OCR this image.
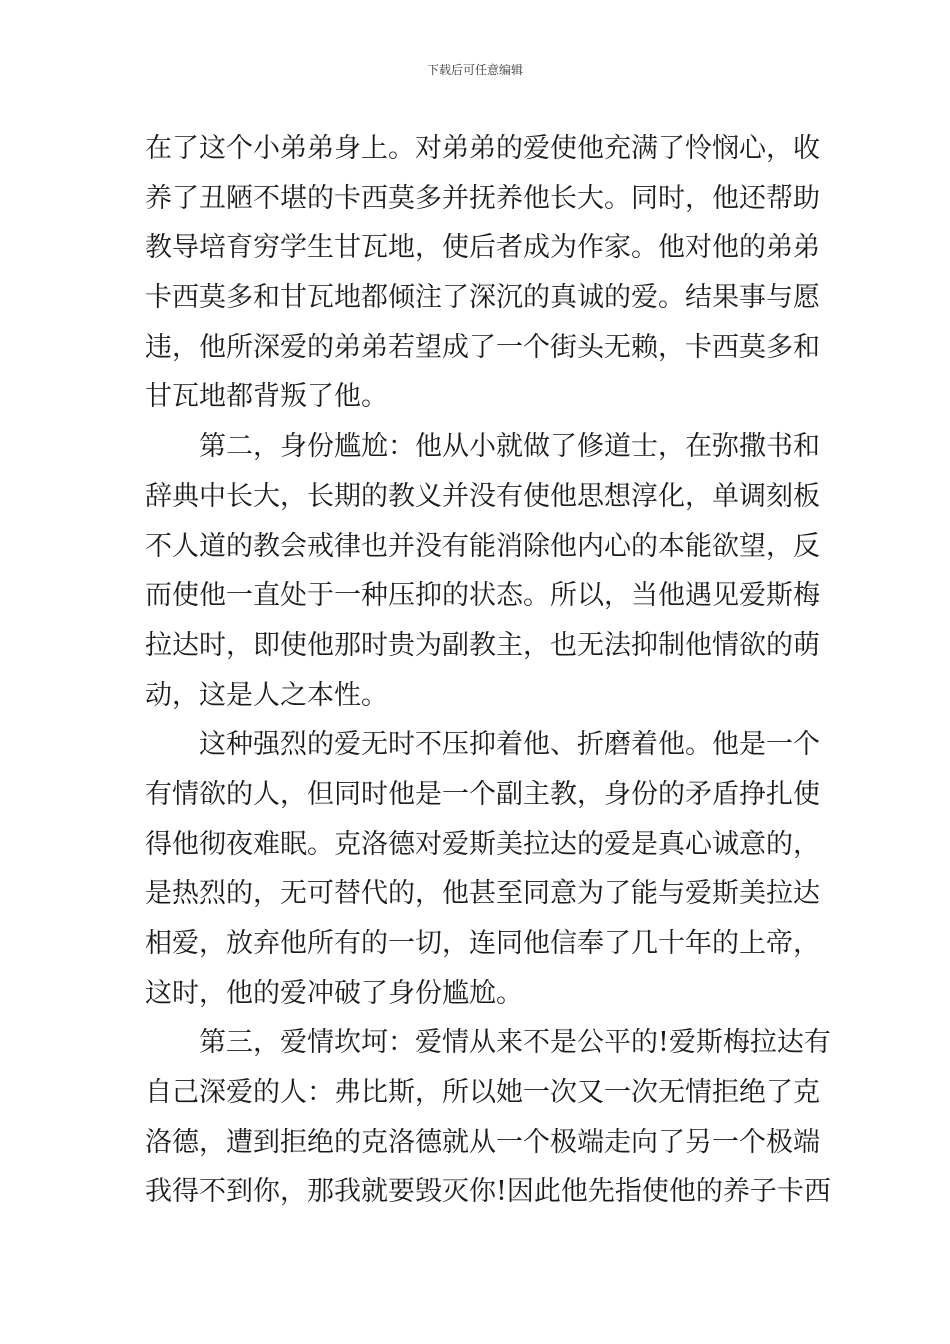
下载后可任意编辑
在了这个小弟弟身上。对弟弟的爱使他充满了怜悯心，收
养了丑陋不堪的卡西莫多并抚养他长大。同时，他还帮助
教导培育穷学生甘瓦地，使后者成为作家。他对他的弟弟
卡西莫多和甘瓦地都倾注了深沉的真诚的爱。结果事与愿
违，他所深爱的弟弟若望成了一个街头无赖，卡西莫多和
甘瓦地都背叛了他。
第二，身份尴尬：他从小就做了修道士，在弥撒书和
辞典中长大，长期的教义并没有使他思想淳化，单调刻板
不人道的教会戒律也并没有能消除他内心的本能欲望，反
而使他一直处于一种压抑的状态。所以，当他遇见爱斯梅
拉达时，即使他那时贵为副教主，也无法抑制他情欲的萌
动，这是人之本性。
这种强烈的爱无时不压抑着他、折磨着他。他是一个
有情欲的人，但同时他是一个副主教，身份的矛盾挣扎使
得他彻夜难眠。克洛德对爱斯美拉达的爱是真心诚意的，
是热烈的，无可替代的，他甚至同意为了能与爱斯美拉达
相爱，放弃他所有的一切，连同他信奉了几十年的上帝，
这时，他的爱冲破了身份尴尬。
第三，爱情坎坷：爱情从来不是公平的!爱斯梅拉达有
自己深爱的人：弗比斯，所以她一次又一次无情拒绝了克
洛德，遭到拒绝的克洛德就从一个极端走向了另一个极端
我得不到你，那我就要毁灭你!因此他先指使他的养子卡西
